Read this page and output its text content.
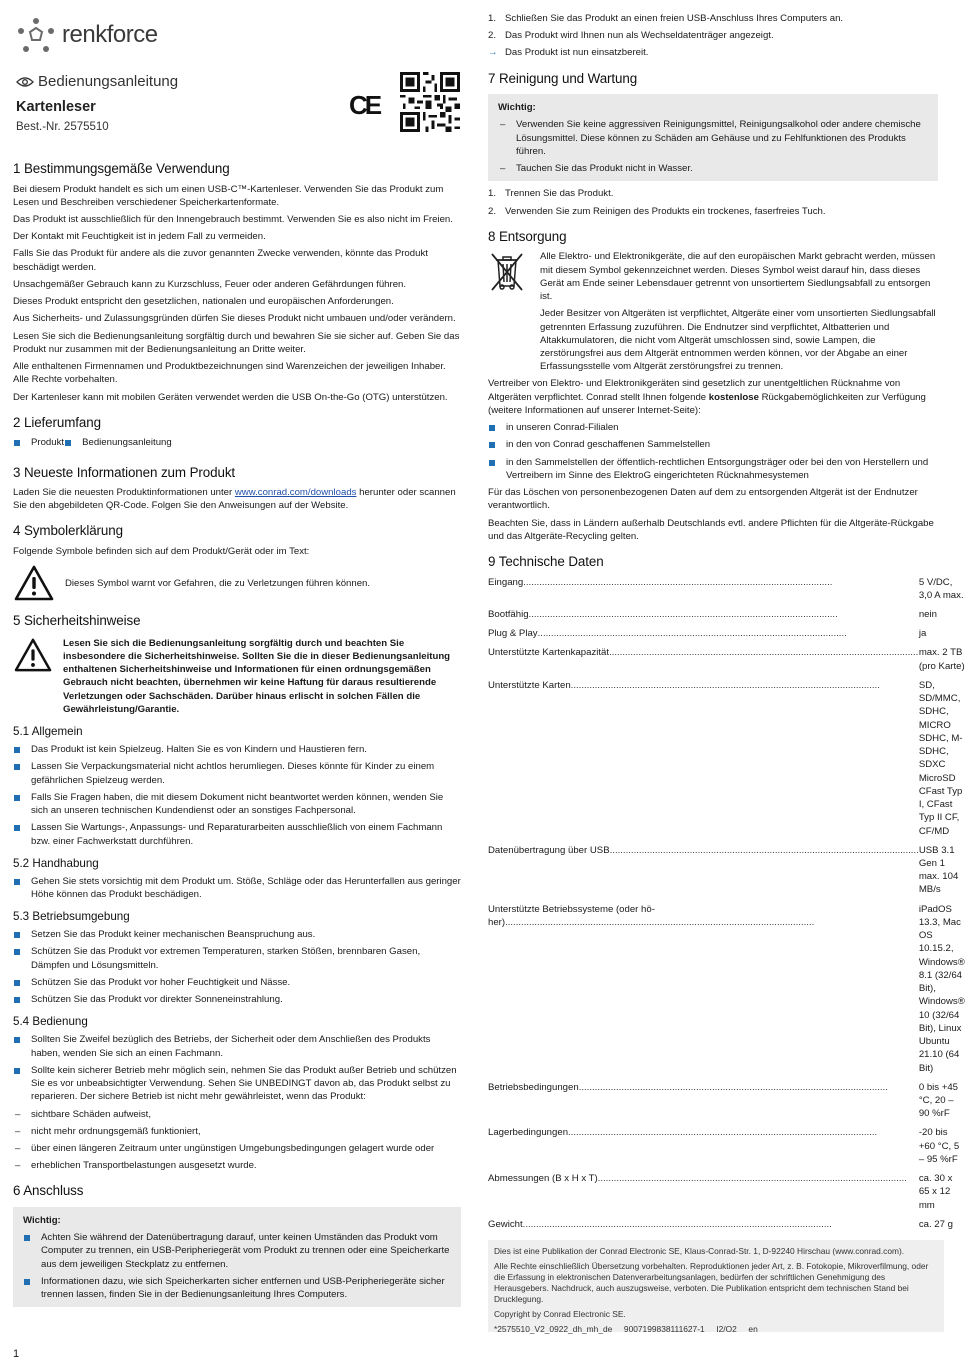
renkforce
Bedienungsanleitung
Kartenleser
Best.-Nr. 2575510
CE
1 Bestimmungsgemäße Verwendung

Bei diesem Produkt handelt es sich um einen USB-C™-Kartenleser. Verwenden Sie das Produkt zum Lesen und Beschreiben verschiedener Speicherkartenformate.

Das Produkt ist ausschließlich für den Innengebrauch bestimmt. Verwenden Sie es also nicht im Freien.

Der Kontakt mit Feuchtigkeit ist in jedem Fall zu vermeiden.

Falls Sie das Produkt für andere als die zuvor genannten Zwecke verwenden, könnte das Produkt beschädigt werden.

Unsachgemäßer Gebrauch kann zu Kurzschluss, Feuer oder anderen Gefährdungen führen.

Dieses Produkt entspricht den gesetzlichen, nationalen und europäischen Anforderungen.

Aus Sicherheits- und Zulassungsgründen dürfen Sie dieses Produkt nicht umbauen und/oder verändern.

Lesen Sie sich die Bedienungsanleitung sorgfältig durch und bewahren Sie sie sicher auf. Geben Sie das Produkt nur zusammen mit der Bedienungsanleitung an Dritte weiter.

Alle enthaltenen Firmennamen und Produktbezeichnungen sind Warenzeichen der jeweiligen Inhaber. Alle Rechte vorbehalten.

Der Kartenleser kann mit mobilen Geräten verwendet werden die USB On-the-Go (OTG) unterstützen.

2 Lieferumfang
Produkt	Bedienungsanleitung
3 Neueste Informationen zum Produkt

Laden Sie die neuesten Produktinformationen unter www.conrad.com/downloads herunter oder scannen Sie den abgebildeten QR-Code. Folgen Sie den Anweisungen auf der Website.

4 Symbolerklärung

Folgende Symbole befinden sich auf dem Produkt/Gerät oder im Text:

Dieses Symbol warnt vor Gefahren, die zu Verletzungen führen können.
5 Sicherheitshinweise
Lesen Sie sich die Bedienungsanleitung sorgfältig durch und beachten Sie insbesondere die Sicherheitshinweise. Sollten Sie die in dieser Bedienungsanleitung enthaltenen Sicherheitshinweise und Informationen für einen ordnungsgemäßen Gebrauch nicht beachten, übernehmen wir keine Haftung für daraus resultierende Verletzungen oder Sachschäden. Darüber hinaus erlischt in solchen Fällen die Gewährleistung/Garantie.
5.1 Allgemein
Das Produkt ist kein Spielzeug. Halten Sie es von Kindern und Haustieren fern.
Lassen Sie Verpackungsmaterial nicht achtlos herumliegen. Dieses könnte für Kinder zu einem gefährlichen Spielzeug werden.
Falls Sie Fragen haben, die mit diesem Dokument nicht beantwortet werden können, wenden Sie sich an unseren technischen Kundendienst oder an sonstiges Fachpersonal.
Lassen Sie Wartungs-, Anpassungs- und Reparaturarbeiten ausschließlich von einem Fachmann bzw. einer Fachwerkstatt durchführen.
5.2 Handhabung
Gehen Sie stets vorsichtig mit dem Produkt um. Stöße, Schläge oder das Herunterfallen aus geringer Höhe können das Produkt beschädigen.
5.3 Betriebsumgebung
Setzen Sie das Produkt keiner mechanischen Beanspruchung aus.
Schützen Sie das Produkt vor extremen Temperaturen, starken Stößen, brennbaren Gasen, Dämpfen und Lösungsmitteln.
Schützen Sie das Produkt vor hoher Feuchtigkeit und Nässe.
Schützen Sie das Produkt vor direkter Sonneneinstrahlung.
5.4 Bedienung
Sollten Sie Zweifel bezüglich des Betriebs, der Sicherheit oder dem Anschließen des Produkts haben, wenden Sie sich an einen Fachmann.
Sollte kein sicherer Betrieb mehr möglich sein, nehmen Sie das Produkt außer Betrieb und schützen Sie es vor unbeabsichtigter Verwendung. Sehen Sie UNBEDINGT davon ab, das Produkt selbst zu reparieren. Der sichere Betrieb ist nicht mehr gewährleistet, wenn das Produkt:
– sichtbare Schäden aufweist,
– nicht mehr ordnungsgemäß funktioniert,
– über einen längeren Zeitraum unter ungünstigen Umgebungsbedingungen gelagert wurde oder
– erheblichen Transportbelastungen ausgesetzt wurde.
6 Anschluss
Wichtig:
Achten Sie während der Datenübertragung darauf, unter keinen Umständen das Produkt vom Computer zu trennen, ein USB-Peripheriegerät vom Produkt zu trennen oder eine Speicherkarte aus dem jeweiligen Steckplatz zu entfernen.
Informationen dazu, wie sich Speicherkarten sicher entfernen und USB-Peripheriegeräte sicher trennen lassen, finden Sie in der Bedienungsanleitung Ihres Computers.
1. Schließen Sie das Produkt an einen freien USB-Anschluss Ihres Computers an.
2. Das Produkt wird Ihnen nun als Wechseldatenträger angezeigt.
→ Das Produkt ist nun einsatzbereit.
7 Reinigung und Wartung
Wichtig:
– Verwenden Sie keine aggressiven Reinigungsmittel, Reinigungsalkohol oder andere chemische Lösungsmittel. Diese können zu Schäden am Gehäuse und zu Fehlfunktionen des Produkts führen.
– Tauchen Sie das Produkt nicht in Wasser.
1. Trennen Sie das Produkt.
2. Verwenden Sie zum Reinigen des Produkts ein trockenes, faserfreies Tuch.
8 Entsorgung

Alle Elektro- und Elektronikgeräte, die auf den europäischen Markt gebracht werden, müssen mit diesem Symbol gekennzeichnet werden. Dieses Symbol weist darauf hin, dass dieses Gerät am Ende seiner Lebensdauer getrennt von unsortiertem Siedlungsabfall zu entsorgen ist.

Jeder Besitzer von Altgeräten ist verpflichtet, Altgeräte einer vom unsortierten Siedlungsabfall getrennten Erfassung zuzuführen. Die Endnutzer sind verpflichtet, Altbatterien und Altakkumulatoren, die nicht vom Altgerät umschlossen sind, sowie Lampen, die zerstörungsfrei aus dem Altgerät entnommen werden können, vor der Abgabe an einer Erfassungsstelle vom Altgerät zerstörungsfrei zu trennen.

Vertreiber von Elektro- und Elektronikgeräten sind gesetzlich zur unentgeltlichen Rücknahme von Altgeräten verpflichtet. Conrad stellt Ihnen folgende kostenlose Rückgabemöglichkeiten zur Verfügung (weitere Informationen auf unserer Internet-Seite):

in unseren Conrad-Filialen
in den von Conrad geschaffenen Sammelstellen
in den Sammelstellen der öffentlich-rechtlichen Entsorgungsträger oder bei den von Herstellern und Vertreibern im Sinne des ElektroG eingerichteten Rücknahmesystemen

Für das Löschen von personenbezogenen Daten auf dem zu entsorgenden Altgerät ist der Endnutzer verantwortlich.

Beachten Sie, dass in Ländern außerhalb Deutschlands evtl. andere Pflichten für die Altgeräte-Rückgabe und das Altgeräte-Recycling gelten.

9 Technische Daten
Eingang
.....	5 V/DC, 3,0 A max.

Bootfähig
.....	nein

Plug & Play
.....	ja

Unterstützte Kartenkapazität
.....	max. 2 TB (pro Karte)

Unterstützte Karten
.....	SD, SD/MMC, SDHC, MICRO SDHC, M-SDHC, SDXC
MicroSD
CFast Typ I, CFast Typ II CF, CF/MD

Datenübertragung über USB
.....	USB 3.1 Gen 1 max. 104 MB/s

Unterstützte Betriebssysteme (oder hö-
her)
.....	iPadOS 13.3, Mac OS 10.15.2, Windows® 8.1 (32/64 Bit), Windows® 10 (32/64 Bit), Linux Ubuntu 21.10 (64 Bit)

Betriebsbedingungen
.....	0 bis +45 °C, 20 – 90 %rF

Lagerbedingungen
.....	-20 bis +60 °C, 5 – 95 %rF

Abmessungen (B x H x T)
.....	ca. 30 x 65 x 12 mm

Gewicht
.....	ca. 27 g

Dies ist eine Publikation der Conrad Electronic SE, Klaus-Conrad-Str. 1, D-92240 Hirschau (www.conrad.com).

Alle Rechte einschließlich Übersetzung vorbehalten. Reproduktionen jeder Art, z. B. Fotokopie, Mikroverfilmung, oder die Erfassung in elektronischen Datenverarbeitungsanlagen, bedürfen der schriftlichen Genehmigung des Herausgebers. Nachdruck, auch auszugsweise, verboten. Die Publikation entspricht dem technischen Stand bei Drucklegung.

Copyright by Conrad Electronic SE.

*2575510_V2_0922_dh_mh_de     9007199838111627-1     I2/O2     en

1
